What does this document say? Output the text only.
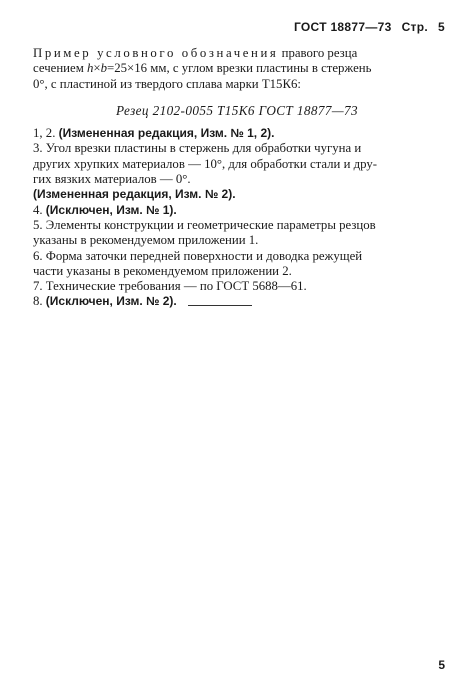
ГОСТ 18877—73 Стр. 5
Пример условного обозначения правого резца
сечением h×b=25×16 мм, с углом врезки пластины в стержень
0°, с пластиной из твердого сплава марки Т15К6:
Резец 2102-0055 Т15К6 ГОСТ 18877—73
1, 2. (Измененная редакция, Изм. № 1, 2).
3. Угол врезки пластины в стержень для обработки чугуна и
других хрупких материалов — 10°, для обработки стали и дру-
гих вязких материалов — 0°.
(Измененная редакция, Изм. № 2).
4. (Исключен, Изм. № 1).
5. Элементы конструкции и геометрические параметры резцов
указаны в рекомендуемом приложении 1.
6. Форма заточки передней поверхности и доводка режущей
части указаны в рекомендуемом приложении 2.
7. Технические требования — по ГОСТ 5688—61.
8. (Исключен, Изм. № 2).
5
